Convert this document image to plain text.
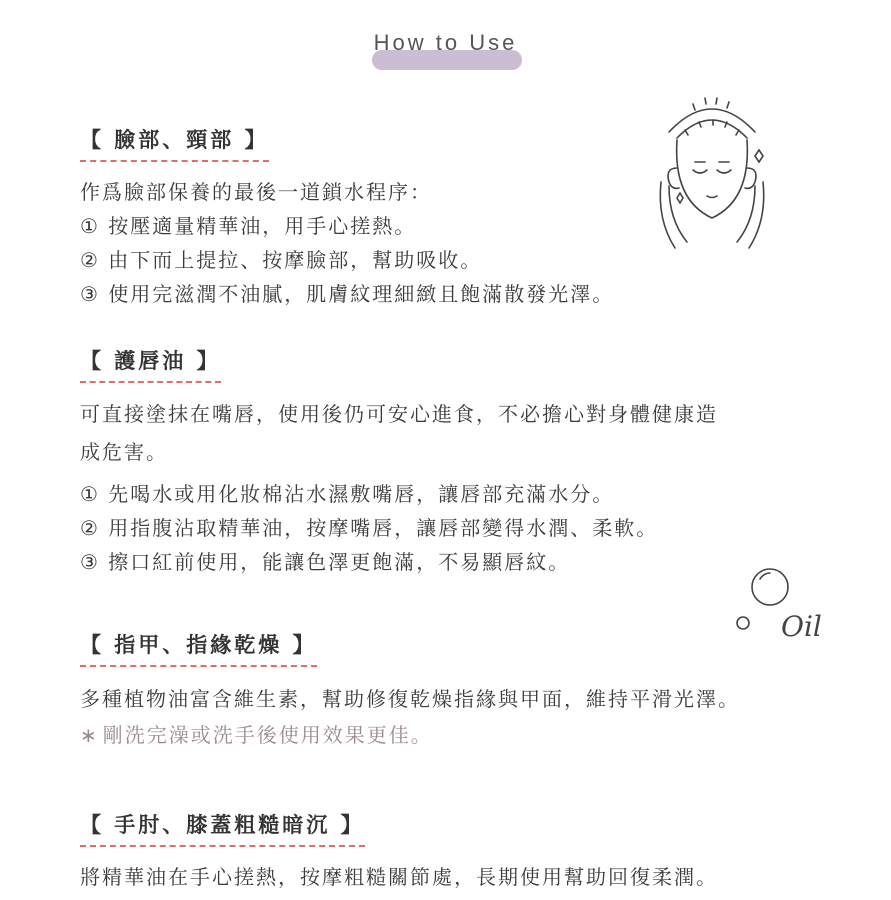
How to Use
【 臉部、頸部 】
作爲臉部保養的最後一道鎖水程序：
① 按壓適量精華油，用手心搓熱。
② 由下而上提拉、按摩臉部，幫助吸收。
③ 使用完滋潤不油膩，肌膚紋理細緻且飽滿散發光澤。
【 護唇油 】
可直接塗抹在嘴唇，使用後仍可安心進食，不必擔心對身體健康造
成危害。
① 先喝水或用化妝棉沾水濕敷嘴唇，讓唇部充滿水分。
② 用指腹沾取精華油，按摩嘴唇，讓唇部變得水潤、柔軟。
③ 擦口紅前使用，能讓色澤更飽滿，不易顯唇紋。
Oil
【 指甲、指緣乾燥 】
多種植物油富含維生素，幫助修復乾燥指緣與甲面，維持平滑光澤。
∗ 剛洗完澡或洗手後使用效果更佳。
【 手肘、膝蓋粗糙暗沉 】
將精華油在手心搓熱，按摩粗糙關節處，長期使用幫助回復柔潤。
